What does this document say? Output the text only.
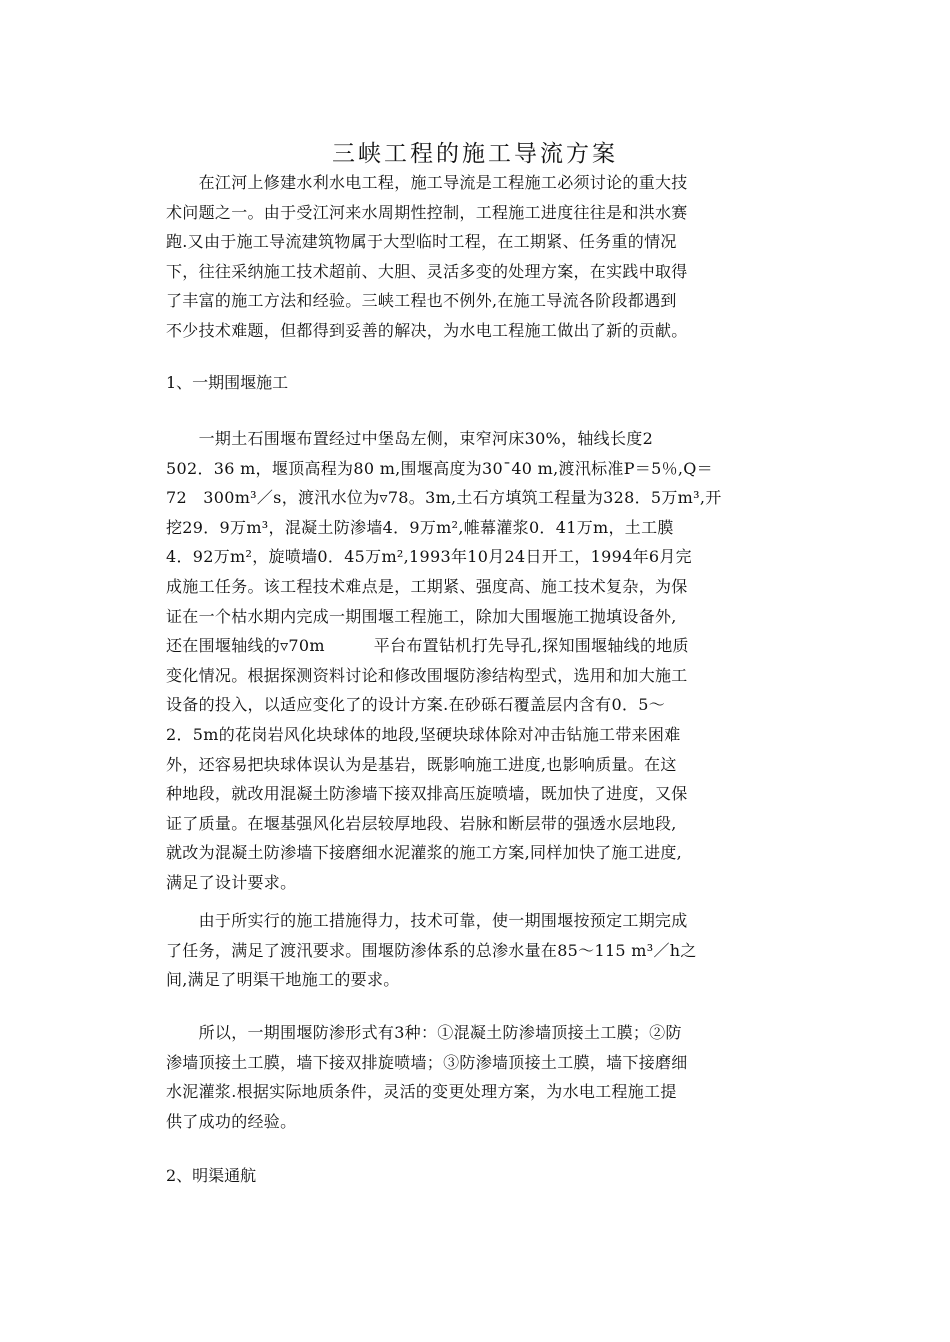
三峡工程的施工导流方案
　　在江河上修建水利水电工程，施工导流是工程施工必须讨论的重大技
术问题之一。由于受江河来水周期性控制，工程施工进度往往是和洪水赛
跑.又由于施工导流建筑物属于大型临时工程，在工期紧、任务重的情况
下，往往采纳施工技术超前、大胆、灵活多变的处理方案，在实践中取得
了丰富的施工方法和经验。三峡工程也不例外,在施工导流各阶段都遇到
不少技术难题，但都得到妥善的解决，为水电工程施工做出了新的贡献。
1、一期围堰施工
　　一期土石围堰布置经过中堡岛左侧，束窄河床30%，轴线长度2
502．36 m，堰顶高程为80 m,围堰高度为30¯40 m,渡汛标准P＝5％,Q＝
72　300m³／s，渡汛水位为▿78。3m,土石方填筑工程量为328．5万m³,开
挖29．9万m³，混凝土防渗墙4．9万m²,帷幕灌浆0．41万m，土工膜
4．92万m²，旋喷墙0．45万m²,1993年10月24日开工，1994年6月完
成施工任务。该工程技术难点是，工期紧、强度高、施工技术复杂，为保
证在一个枯水期内完成一期围堰工程施工，除加大围堰施工抛填设备外,
还在围堰轴线的▿70m　　　平台布置钻机打先导孔,探知围堰轴线的地质
变化情况。根据探测资料讨论和修改围堰防渗结构型式，选用和加大施工
设备的投入，以适应变化了的设计方案.在砂砾石覆盖层内含有0．5～
2．5m的花岗岩风化块球体的地段,坚硬块球体除对冲击钻施工带来困难
外，还容易把块球体误认为是基岩，既影响施工进度,也影响质量。在这
种地段，就改用混凝土防渗墙下接双排高压旋喷墙，既加快了进度，又保
证了质量。在堰基强风化岩层较厚地段、岩脉和断层带的强透水层地段,
就改为混凝土防渗墙下接磨细水泥灌浆的施工方案,同样加快了施工进度,
满足了设计要求。
　　由于所实行的施工措施得力，技术可靠，使一期围堰按预定工期完成
了任务，满足了渡汛要求。围堰防渗体系的总渗水量在85～115 m³／h之
间,满足了明渠干地施工的要求。
　　所以，一期围堰防渗形式有3种：①混凝土防渗墙顶接土工膜；②防
渗墙顶接土工膜，墙下接双排旋喷墙；③防渗墙顶接土工膜，墙下接磨细
水泥灌浆.根据实际地质条件，灵活的变更处理方案，为水电工程施工提
供了成功的经验。
2、明渠通航
